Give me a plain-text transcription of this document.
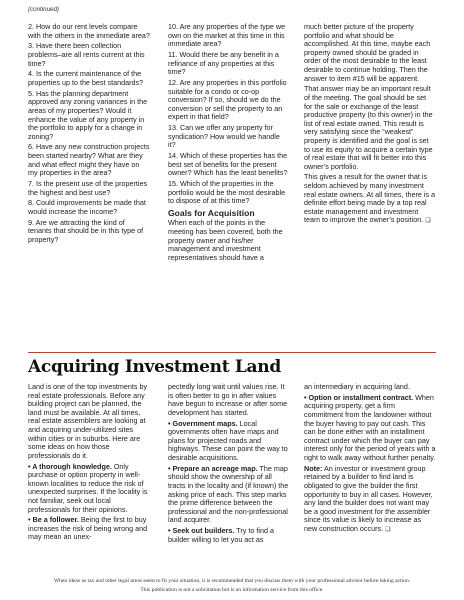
(continued)

2. How do our rent levels compare with the others in the immediate area?

3. Have there been collection problems–are all rents current at this time?

4. Is the current maintenance of the properties up to the best standards?

5. Has the planning department approved any zoning variances in the areas of my properties? Would it enhance the value of any property in the portfolio to apply for a change in zoning?

6. Have any new construction projects been started nearby? What are they and what effect might they have on my properties in the area?

7. Is the present use of the properties the highest and best use?

8. Could improvements be made that would increase the income?

9. Are we attracting the kind of tenants that should be in this type of property?

10. Are any properties of the type we own on the market at this time in this immediate area?

11. Would there be any benefit in a refinance of any properties at this time?

12. Are any properties in this portfolio suitable for a condo or co-op conversion? If so, should we do the conversion or sell the property to an expert in that field?

13. Can we offer any property for syndication? How would we handle it?

14. Which of these properties has the best set of benefits for the present owner? Which has the least benefits?

15. Which of the properties in the portfolio would be the most desirable to dispose of at this time?

Goals for Acquisition

When each of the points in the meeting has been covered, both the property owner and his/her management and investment representatives should have a

much better picture of the property portfolio and what should be accomplished. At this time, maybe each property owned should be graded in order of the most desirable to the least desirable to continue holding. Then the answer to item #15 will be apparent.

That answer may be an important result of the meeting. The goal should be set for the sale or exchange of the least productive property (to this owner) in the list of real estate owned. This result is very satisfying since the “weakest” property is identified and the goal is set to use its equity to acquire a certain type of real estate that will fit better into this owner’s portfolio.

This gives a result for the owner that is seldom achieved by many investment real estate owners. At all times, there is a definite effort being made by a top real estate management and investment team to improve the owner’s position. ❑

Acquiring Investment Land

Land is one of the top investments by real estate professionals. Before any building project can be planned, the land must be available. At all times, real estate assemblers are looking at and acquiring under-utilized sites within cities or in suburbs. Here are some ideas on how those professionals do it.

• A thorough knowledge. Only purchase or option property in well-known localities to reduce the risk of unexpected surprises. If the locality is not familiar, seek out local professionals for their opinions.

• Be a follower. Being the first to buy increases the risk of being wrong and may mean an unex-

pectedly long wait until values rise. It is often better to go in after values have begun to increase or after some development has started.

• Government maps. Local governments often have maps and plans for projected roads and highways. These can point the way to desirable acquisitions.

• Prepare an acreage map. The map should show the ownership of all tracts in the locality and (if known) the asking price of each. This step marks the prime difference between the professional and the non-professional land acquirer.

• Seek out builders. Try to find a builder willing to let you act as

an intermediary in acquiring land.

• Option or installment contract. When acquiring property, get a firm commitment from the landowner without the buyer having to pay out cash. This can be done either with an installment contract under which the buyer can pay interest only for the period of years with a right to walk away without further penalty.

Note: An investor or investment group retained by a builder to find land is obligated to give the builder the first opportunity to buy in all cases. However, any land the builder does not want may be a good investment for the assembler since its value is likely to increase as new construction occurs. ❑

When ideas as tax and other legal areas seem to fit your situation, it is recommended that you discuss them with your professional advisor before taking action.
This publication is not a solicitation but is an information service from this office.
